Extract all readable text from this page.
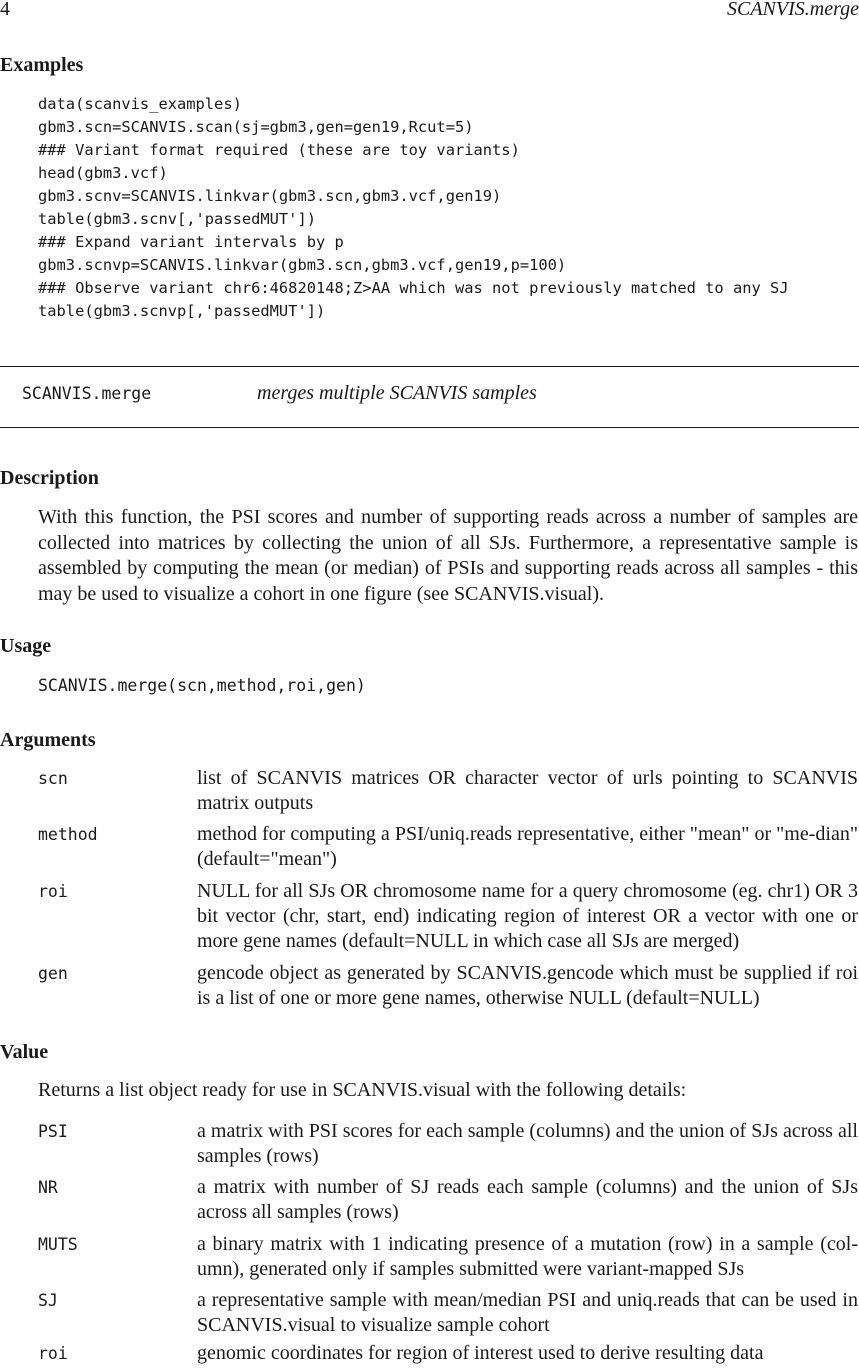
4	SCANVIS.merge
Examples
data(scanvis_examples)
gbm3.scn=SCANVIS.scan(sj=gbm3,gen=gen19,Rcut=5)
### Variant format required (these are toy variants)
head(gbm3.vcf)
gbm3.scnv=SCANVIS.linkvar(gbm3.scn,gbm3.vcf,gen19)
table(gbm3.scnv[,'passedMUT'])
### Expand variant intervals by p
gbm3.scnvp=SCANVIS.linkvar(gbm3.scn,gbm3.vcf,gen19,p=100)
### Observe variant chr6:46820148;Z>AA which was not previously matched to any SJ
table(gbm3.scnvp[,'passedMUT'])
SCANVIS.merge	merges multiple SCANVIS samples
Description
With this function, the PSI scores and number of supporting reads across a number of samples are collected into matrices by collecting the union of all SJs. Furthermore, a representative sample is assembled by computing the mean (or median) of PSIs and supporting reads across all samples - this may be used to visualize a cohort in one figure (see SCANVIS.visual).
Usage
SCANVIS.merge(scn,method,roi,gen)
Arguments
scn	list of SCANVIS matrices OR character vector of urls pointing to SCANVIS matrix outputs
method	method for computing a PSI/uniq.reads representative, either "mean" or "me-dian" (default="mean")
roi	NULL for all SJs OR chromosome name for a query chromosome (eg. chr1) OR 3 bit vector (chr, start, end) indicating region of interest OR a vector with one or more gene names (default=NULL in which case all SJs are merged)
gen	gencode object as generated by SCANVIS.gencode which must be supplied if roi is a list of one or more gene names, otherwise NULL (default=NULL)
Value
Returns a list object ready for use in SCANVIS.visual with the following details:
PSI	a matrix with PSI scores for each sample (columns) and the union of SJs across all samples (rows)
NR	a matrix with number of SJ reads each sample (columns) and the union of SJs across all samples (rows)
MUTS	a binary matrix with 1 indicating presence of a mutation (row) in a sample (col-umn), generated only if samples submitted were variant-mapped SJs
SJ	a representative sample with mean/median PSI and uniq.reads that can be used in SCANVIS.visual to visualize sample cohort
roi	genomic coordinates for region of interest used to derive resulting data
